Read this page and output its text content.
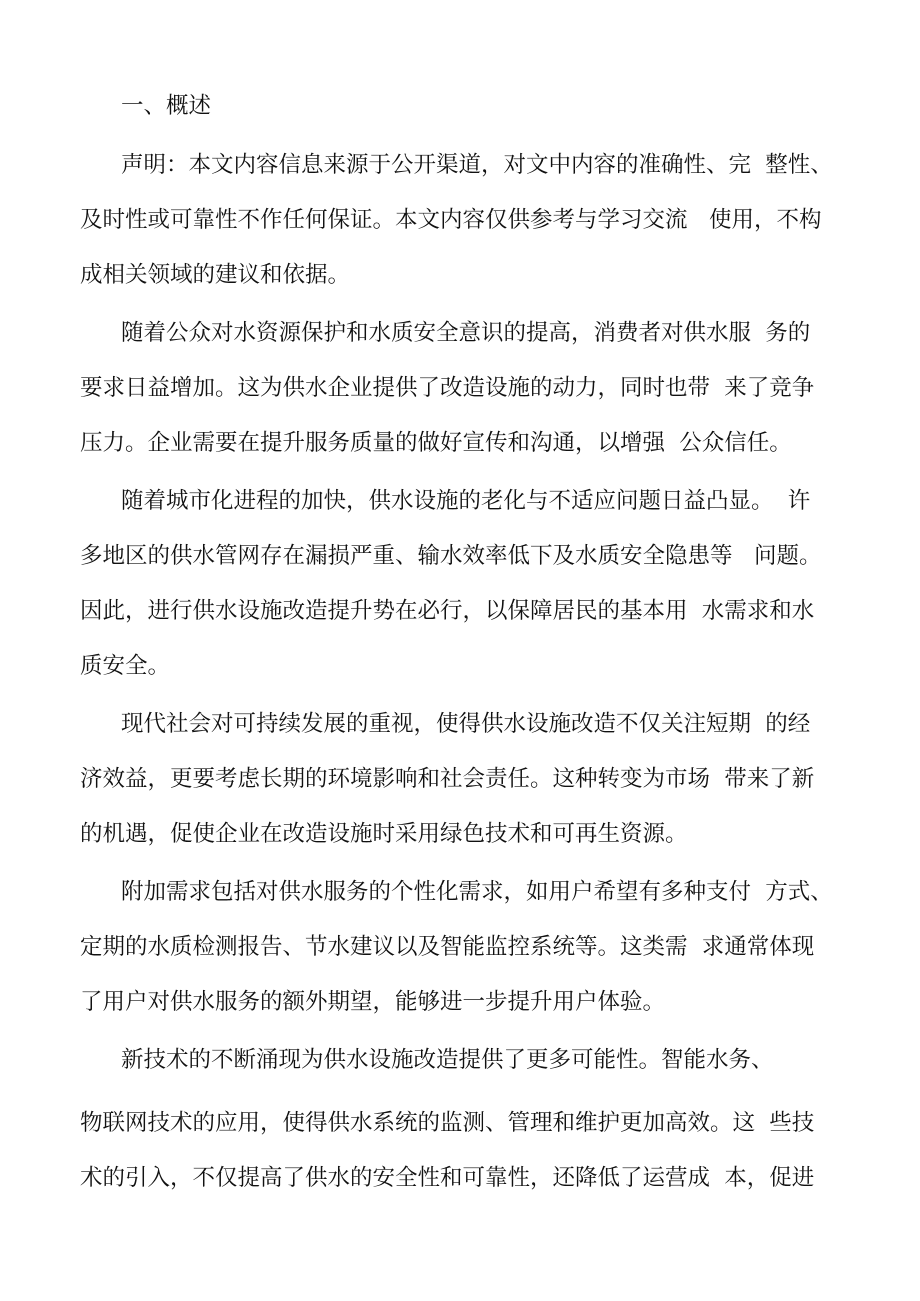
一、概述
声明：本文内容信息来源于公开渠道，对文中内容的准确性、完  整性、
及时性或可靠性不作任何保证。本文内容仅供参考与学习交流   使用，不构
成相关领域的建议和依据。
随着公众对水资源保护和水质安全意识的提高，消费者对供水服  务的
要求日益增加。这为供水企业提供了改造设施的动力，同时也带  来了竞争
压力。企业需要在提升服务质量的做好宣传和沟通，以增强  公众信任。
随着城市化进程的加快，供水设施的老化与不适应问题日益凸显。  许
多地区的供水管网存在漏损严重、输水效率低下及水质安全隐患等   问题。
因此，进行供水设施改造提升势在必行，以保障居民的基本用  水需求和水
质安全。
现代社会对可持续发展的重视，使得供水设施改造不仅关注短期  的经
济效益，更要考虑长期的环境影响和社会责任。这种转变为市场  带来了新
的机遇，促使企业在改造设施时采用绿色技术和可再生资源。
附加需求包括对供水服务的个性化需求，如用户希望有多种支付  方式、
定期的水质检测报告、节水建议以及智能监控系统等。这类需  求通常体现
了用户对供水服务的额外期望，能够进一步提升用户体验。
新技术的不断涌现为供水设施改造提供了更多可能性。智能水务、
物联网技术的应用，使得供水系统的监测、管理和维护更加高效。这  些技
术的引入，不仅提高了供水的安全性和可靠性，还降低了运营成  本，促进
